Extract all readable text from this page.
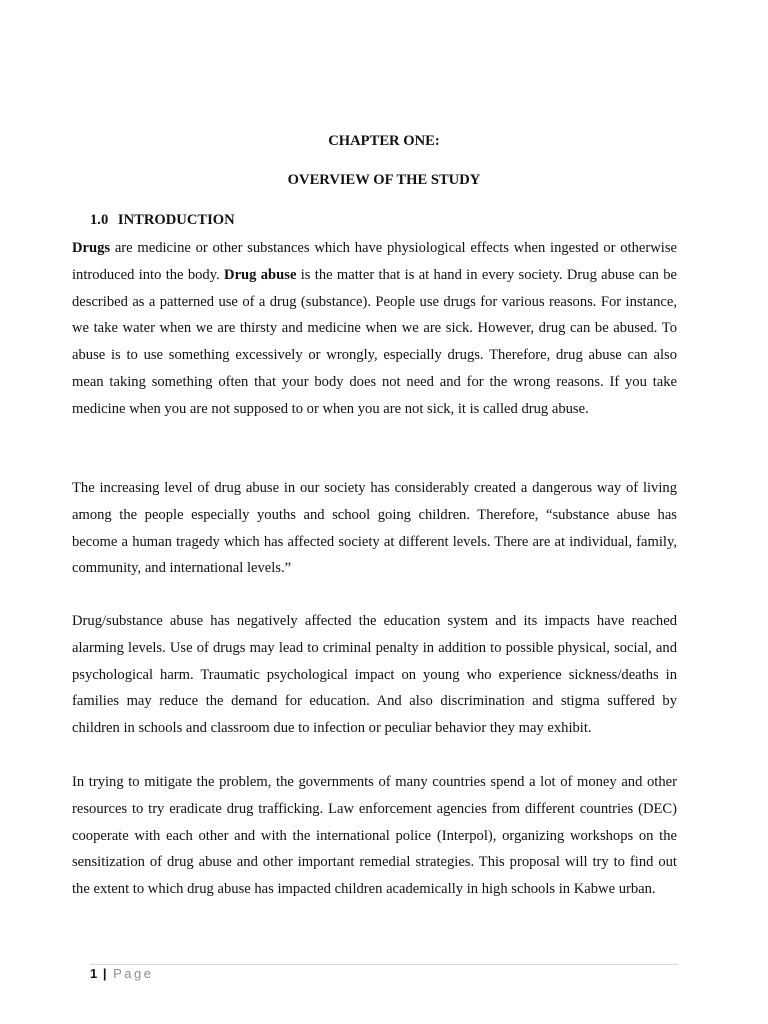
CHAPTER ONE:
OVERVIEW OF THE STUDY
1.0 INTRODUCTION

Drugs are medicine or other substances which have physiological effects when ingested or otherwise introduced into the body. Drug abuse is the matter that is at hand in every society. Drug abuse can be described as a patterned use of a drug (substance). People use drugs for various reasons. For instance, we take water when we are thirsty and medicine when we are sick. However, drug can be abused. To abuse is to use something excessively or wrongly, especially drugs. Therefore, drug abuse can also mean taking something often that your body does not need and for the wrong reasons. If you take medicine when you are not supposed to or when you are not sick, it is called drug abuse.

The increasing level of drug abuse in our society has considerably created a dangerous way of living among the people especially youths and school going children. Therefore, “substance abuse has become a human tragedy which has affected society at different levels. There are at individual, family, community, and international levels.”

Drug/substance abuse has negatively affected the education system and its impacts have reached alarming levels. Use of drugs may lead to criminal penalty in addition to possible physical, social, and psychological harm. Traumatic psychological impact on young who experience sickness/deaths in families may reduce the demand for education. And also discrimination and stigma suffered by children in schools and classroom due to infection or peculiar behavior they may exhibit.

In trying to mitigate the problem, the governments of many countries spend a lot of money and other resources to try eradicate drug trafficking. Law enforcement agencies from different countries (DEC) cooperate with each other and with the international police (Interpol), organizing workshops on the sensitization of drug abuse and other important remedial strategies. This proposal will try to find out the extent to which drug abuse has impacted children academically in high schools in Kabwe urban.

1 | Page
